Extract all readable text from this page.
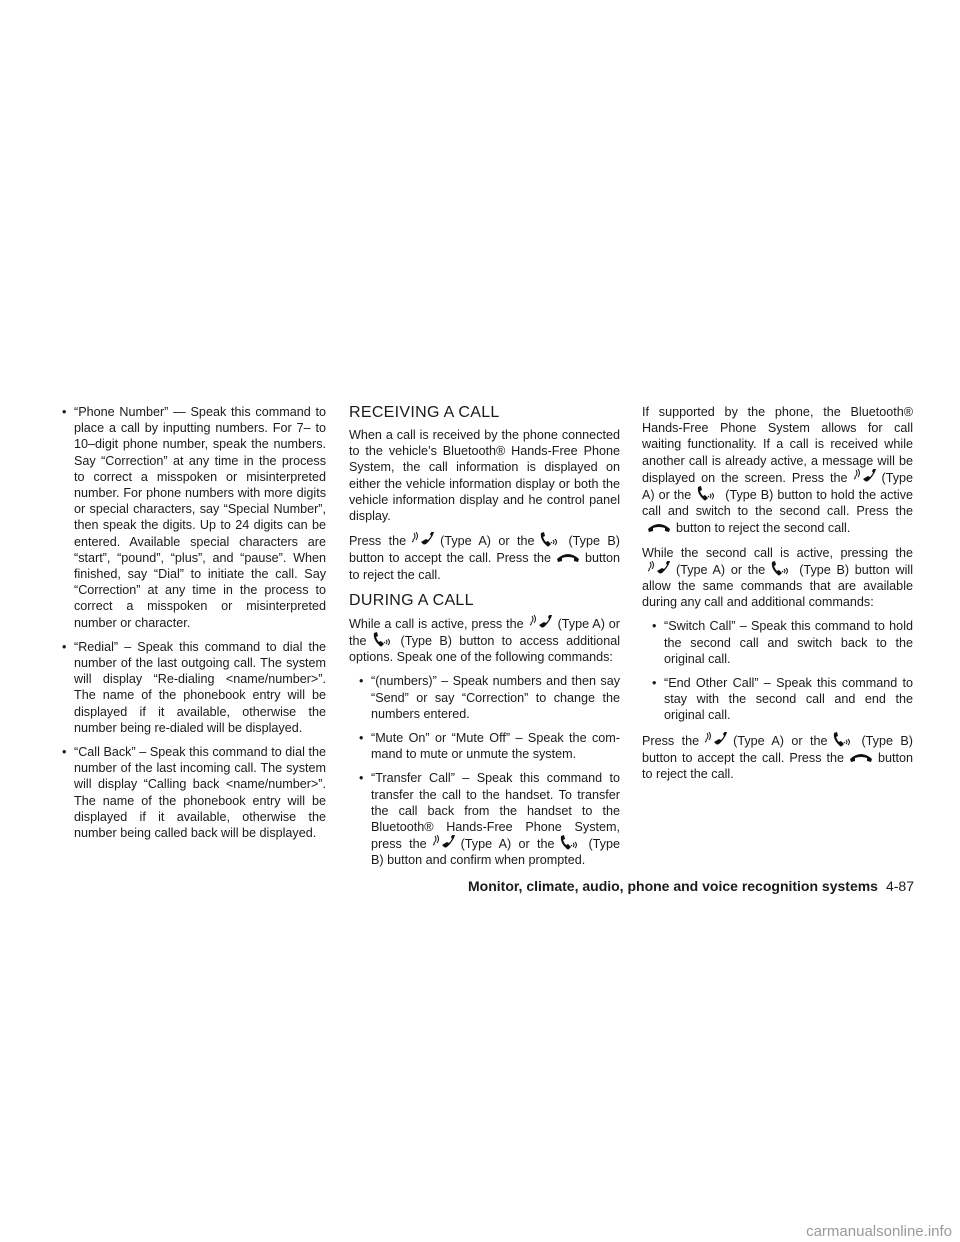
• “Phone Number” — Speak this command to place a call by inputting numbers. For 7– to 10–digit phone number, speak the numbers. Say “Correction” at any time in the process to correct a misspoken or misinterpreted number. For phone numbers with more digits or special characters, say “Special Number”, then speak the digits. Up to 24 digits can be entered. Available special characters are “start”, “pound”, “plus”, and “pause”. When finished, say “Dial” to initiate the call. Say “Correction” at any time in the process to correct a misspoken or misinterpreted number or character.
• “Redial” – Speak this command to dial the number of the last outgoing call. The system will display “Re-dialing <name/number>”. The name of the phonebook entry will be displayed if it available, otherwise the number being re-dialed will be displayed.
• “Call Back” – Speak this command to dial the number of the last incoming call. The system will display “Calling back <name/number>”. The name of the phonebook entry will be displayed if it available, otherwise the number being called back will be displayed.
RECEIVING A CALL

When a call is received by the phone connected to the vehicle’s Bluetooth® Hands-Free Phone System, the call information is displayed on either the vehicle information display or both the vehicle information display and he control panel display.

Press the	(Type A) or the	(Type B) button to accept the call. Press the	button to reject the call.

DURING A CALL

While a call is active, press the	(Type A) or the	(Type B) button to access additional options. Speak one of the following commands:

• “(numbers)” – Speak numbers and then say “Send” or say “Correction” to change the numbers entered.
• “Mute On” or “Mute Off” – Speak the command to mute or unmute the system.
• “Transfer Call” – Speak this command to transfer the call to the handset. To transfer the call back from the handset to the Bluetooth® Hands-Free Phone System, press the	(Type A) or the	(Type B) button and confirm when prompted.

If supported by the phone, the Bluetooth® Hands-Free Phone System allows for call waiting functionality. If a call is received while another call is already active, a message will be displayed on the screen. Press the	(Type A) or the	(Type B) button to hold the active call and switch to the second call. Press the
button to reject the second call.

While the second call is active, pressing the
(Type A) or the	(Type B) button will allow the same commands that are available during any call and additional commands:

• “Switch Call” – Speak this command to hold the second call and switch back to the original call.
• “End Other Call” – Speak this command to stay with the second call and end the original call.

Press the	(Type A) or the	(Type B) button to accept the call. Press the	button to reject the call.

Monitor, climate, audio, phone and voice recognition systems 4-87
carmanualsonline.info
